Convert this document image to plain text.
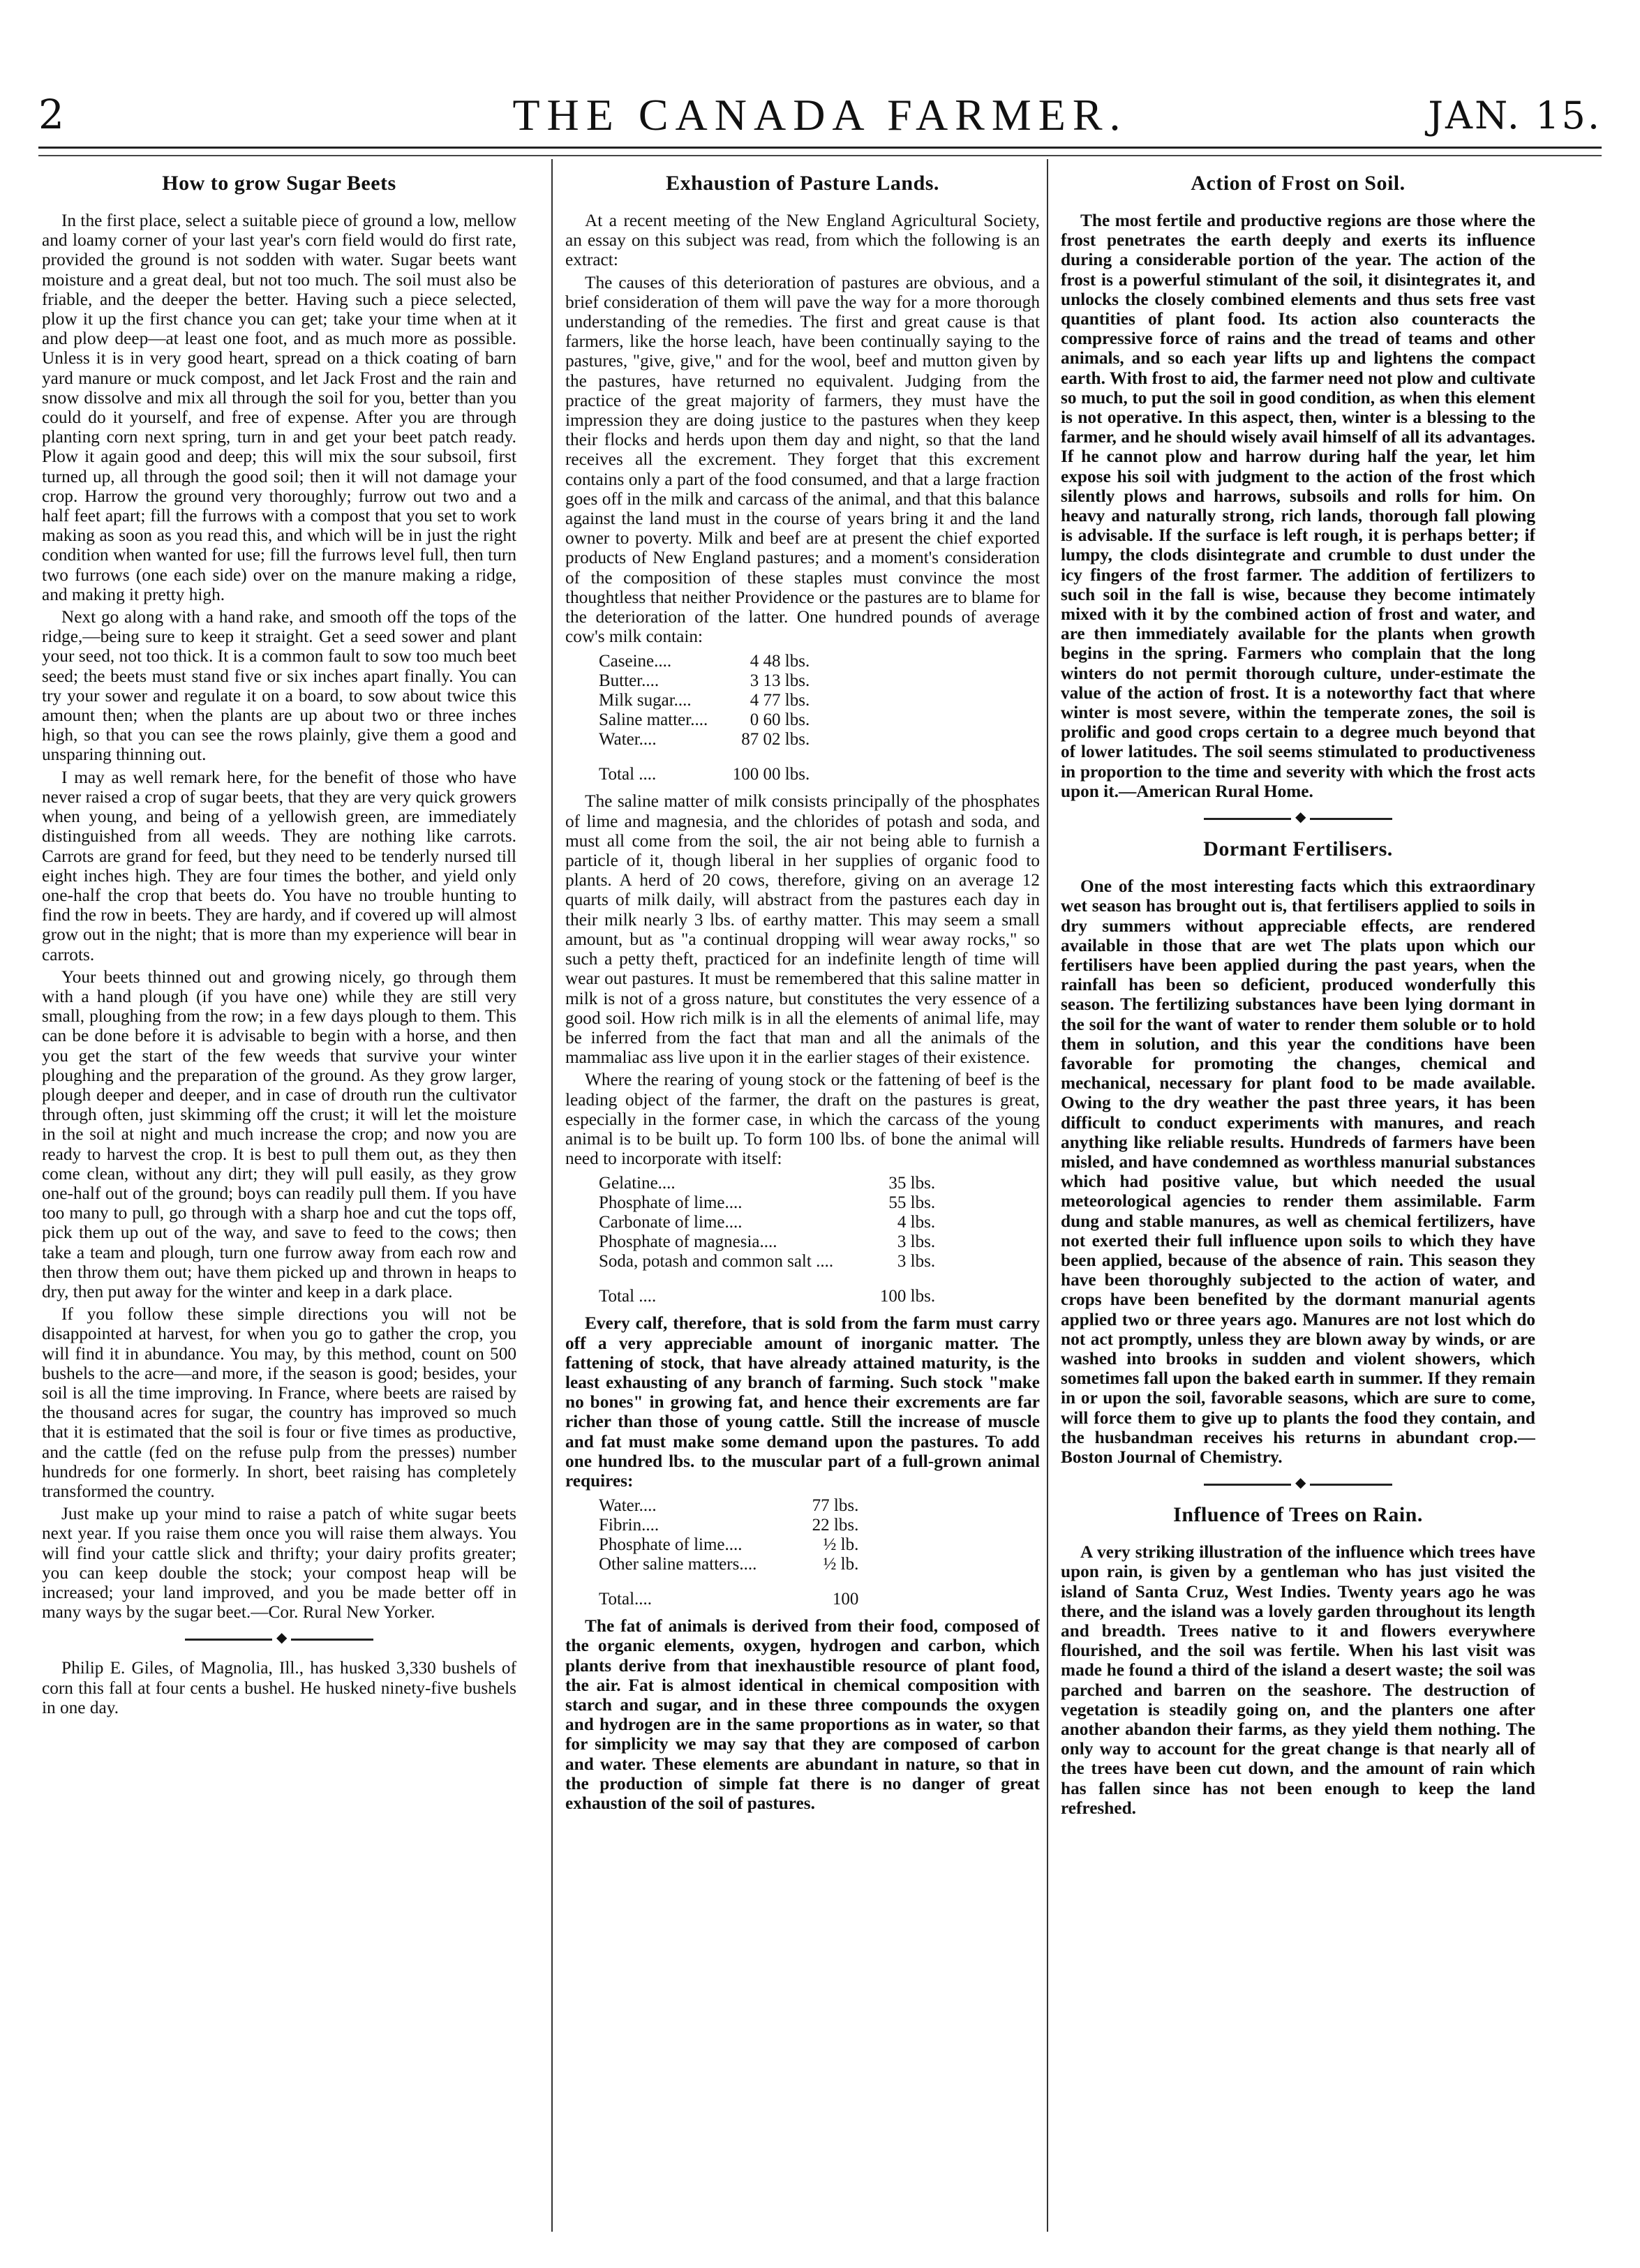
2	THE CANADA FARMER.	JAN. 15.
How to grow Sugar Beets

In the first place, select a suitable piece of ground a low, mellow and loamy corner of your last year's corn field would do first rate, provided the ground is not sodden with water. Sugar beets want moisture and a great deal, but not too much. The soil must also be friable, and the deeper the better. Having such a piece selected, plow it up the first chance you can get; take your time when at it and plow deep—at least one foot, and as much more as possible. Unless it is in very good heart, spread on a thick coating of barn yard manure or muck compost, and let Jack Frost and the rain and snow dissolve and mix all through the soil for you, better than you could do it yourself, and free of expense. After you are through planting corn next spring, turn in and get your beet patch ready. Plow it again good and deep; this will mix the sour subsoil, first turned up, all through the good soil; then it will not damage your crop. Harrow the ground very thoroughly; furrow out two and a half feet apart; fill the furrows with a compost that you set to work making as soon as you read this, and which will be in just the right condition when wanted for use; fill the furrows level full, then turn two furrows (one each side) over on the manure making a ridge, and making it pretty high.

Next go along with a hand rake, and smooth off the tops of the ridge,—being sure to keep it straight. Get a seed sower and plant your seed, not too thick. It is a common fault to sow too much beet seed; the beets must stand five or six inches apart finally. You can try your sower and regulate it on a board, to sow about twice this amount then; when the plants are up about two or three inches high, so that you can see the rows plainly, give them a good and unsparing thinning out.

I may as well remark here, for the benefit of those who have never raised a crop of sugar beets, that they are very quick growers when young, and being of a yellowish green, are immediately distinguished from all weeds. They are nothing like carrots. Carrots are grand for feed, but they need to be tenderly nursed till eight inches high. They are four times the bother, and yield only one-half the crop that beets do. You have no trouble hunting to find the row in beets. They are hardy, and if covered up will almost grow out in the night; that is more than my experience will bear in carrots.

Your beets thinned out and growing nicely, go through them with a hand plough (if you have one) while they are still very small, ploughing from the row; in a few days plough to them. This can be done before it is advisable to begin with a horse, and then you get the start of the few weeds that survive your winter ploughing and the preparation of the ground. As they grow larger, plough deeper and deeper, and in case of drouth run the cultivator through often, just skimming off the crust; it will let the moisture in the soil at night and much increase the crop; and now you are ready to harvest the crop. It is best to pull them out, as they then come clean, without any dirt; they will pull easily, as they grow one-half out of the ground; boys can readily pull them. If you have too many to pull, go through with a sharp hoe and cut the tops off, pick them up out of the way, and save to feed to the cows; then take a team and plough, turn one furrow away from each row and then throw them out; have them picked up and thrown in heaps to dry, then put away for the winter and keep in a dark place.

If you follow these simple directions you will not be disappointed at harvest, for when you go to gather the crop, you will find it in abundance. You may, by this method, count on 500 bushels to the acre—and more, if the season is good; besides, your soil is all the time improving. In France, where beets are raised by the thousand acres for sugar, the country has improved so much that it is estimated that the soil is four or five times as productive, and the cattle (fed on the refuse pulp from the presses) number hundreds for one formerly. In short, beet raising has completely transformed the country.

Just make up your mind to raise a patch of white sugar beets next year. If you raise them once you will raise them always. You will find your cattle slick and thrifty; your dairy profits greater; you can keep double the stock; your compost heap will be increased; your land improved, and you be made better off in many ways by the sugar beet.—Cor. Rural New Yorker.

◆

Philip E. Giles, of Magnolia, Ill., has husked 3,330 bushels of corn this fall at four cents a bushel. He husked ninety-five bushels in one day.

Exhaustion of Pasture Lands.

At a recent meeting of the New England Agricultural Society, an essay on this subject was read, from which the following is an extract:

The causes of this deterioration of pastures are obvious, and a brief consideration of them will pave the way for a more thorough understanding of the remedies. The first and great cause is that farmers, like the horse leach, have been continually saying to the pastures, "give, give," and for the wool, beef and mutton given by the pastures, have returned no equivalent. Judging from the practice of the great majority of farmers, they must have the impression they are doing justice to the pastures when they keep their flocks and herds upon them day and night, so that the land receives all the excrement. They forget that this excrement contains only a part of the food consumed, and that a large fraction goes off in the milk and carcass of the animal, and that this balance against the land must in the course of years bring it and the land owner to poverty. Milk and beef are at present the chief exported products of New England pastures; and a moment's consideration of the composition of these staples must convince the most thoughtless that neither Providence or the pastures are to blame for the deterioration of the latter. One hundred pounds of average cow's milk contain:

Caseine....	4 48 lbs.
Butter....	3 13 lbs.
Milk sugar....	4 77 lbs.
Saline matter....	0 60 lbs.
Water....	87 02 lbs.
Total ....	100 00 lbs.

The saline matter of milk consists principally of the phosphates of lime and magnesia, and the chlorides of potash and soda, and must all come from the soil, the air not being able to furnish a particle of it, though liberal in her supplies of organic food to plants. A herd of 20 cows, therefore, giving on an average 12 quarts of milk daily, will abstract from the pastures each day in their milk nearly 3 lbs. of earthy matter. This may seem a small amount, but as "a continual dropping will wear away rocks," so such a petty theft, practiced for an indefinite length of time will wear out pastures. It must be remembered that this saline matter in milk is not of a gross nature, but constitutes the very essence of a good soil. How rich milk is in all the elements of animal life, may be inferred from the fact that man and all the animals of the mammaliac ass live upon it in the earlier stages of their existence.

Where the rearing of young stock or the fattening of beef is the leading object of the farmer, the draft on the pastures is great, especially in the former case, in which the carcass of the young animal is to be built up. To form 100 lbs. of bone the animal will need to incorporate with itself:

Gelatine....	35 lbs.
Phosphate of lime....	55 lbs.
Carbonate of lime....	4 lbs.
Phosphate of magnesia....	3 lbs.
Soda, potash and common salt ....	3 lbs.
Total ....	100 lbs.

Every calf, therefore, that is sold from the farm must carry off a very appreciable amount of inorganic matter. The fattening of stock, that have already attained maturity, is the least exhausting of any branch of farming. Such stock "make no bones" in growing fat, and hence their excrements are far richer than those of young cattle. Still the increase of muscle and fat must make some demand upon the pastures. To add one hundred lbs. to the muscular part of a full-grown animal requires:

Water....	77 lbs.
Fibrin....	22 lbs.
Phosphate of lime....	½ lb.
Other saline matters....	½ lb.
Total....	100

The fat of animals is derived from their food, composed of the organic elements, oxygen, hydrogen and carbon, which plants derive from that inexhaustible resource of plant food, the air. Fat is almost identical in chemical composition with starch and sugar, and in these three compounds the oxygen and hydrogen are in the same proportions as in water, so that for simplicity we may say that they are composed of carbon and water. These elements are abundant in nature, so that in the production of simple fat there is no danger of great exhaustion of the soil of pastures.

Action of Frost on Soil.

The most fertile and productive regions are those where the frost penetrates the earth deeply and exerts its influence during a considerable portion of the year. The action of the frost is a powerful stimulant of the soil, it disintegrates it, and unlocks the closely combined elements and thus sets free vast quantities of plant food. Its action also counteracts the compressive force of rains and the tread of teams and other animals, and so each year lifts up and lightens the compact earth. With frost to aid, the farmer need not plow and cultivate so much, to put the soil in good condition, as when this element is not operative. In this aspect, then, winter is a blessing to the farmer, and he should wisely avail himself of all its advantages. If he cannot plow and harrow during half the year, let him expose his soil with judgment to the action of the frost which silently plows and harrows, subsoils and rolls for him. On heavy and naturally strong, rich lands, thorough fall plowing is advisable. If the surface is left rough, it is perhaps better; if lumpy, the clods disintegrate and crumble to dust under the icy fingers of the frost farmer. The addition of fertilizers to such soil in the fall is wise, because they become intimately mixed with it by the combined action of frost and water, and are then immediately available for the plants when growth begins in the spring. Farmers who complain that the long winters do not permit thorough culture, under-estimate the value of the action of frost. It is a noteworthy fact that where winter is most severe, within the temperate zones, the soil is prolific and good crops certain to a degree much beyond that of lower latitudes. The soil seems stimulated to productiveness in proportion to the time and severity with which the frost acts upon it.—American Rural Home.

◆
Dormant Fertilisers.

One of the most interesting facts which this extraordinary wet season has brought out is, that fertilisers applied to soils in dry summers without appreciable effects, are rendered available in those that are wet The plats upon which our fertilisers have been applied during the past years, when the rainfall has been so deficient, produced wonderfully this season. The fertilizing substances have been lying dormant in the soil for the want of water to render them soluble or to hold them in solution, and this year the conditions have been favorable for promoting the changes, chemical and mechanical, necessary for plant food to be made available. Owing to the dry weather the past three years, it has been difficult to conduct experiments with manures, and reach anything like reliable results. Hundreds of farmers have been misled, and have condemned as worthless manurial substances which had positive value, but which needed the usual meteorological agencies to render them assimilable. Farm dung and stable manures, as well as chemical fertilizers, have not exerted their full influence upon soils to which they have been applied, because of the absence of rain. This season they have been thoroughly subjected to the action of water, and crops have been benefited by the dormant manurial agents applied two or three years ago. Manures are not lost which do not act promptly, unless they are blown away by winds, or are washed into brooks in sudden and violent showers, which sometimes fall upon the baked earth in summer. If they remain in or upon the soil, favorable seasons, which are sure to come, will force them to give up to plants the food they contain, and the husbandman receives his returns in abundant crop.—Boston Journal of Chemistry.

◆
Influence of Trees on Rain.

A very striking illustration of the influence which trees have upon rain, is given by a gentleman who has just visited the island of Santa Cruz, West Indies. Twenty years ago he was there, and the island was a lovely garden throughout its length and breadth. Trees native to it and flowers everywhere flourished, and the soil was fertile. When his last visit was made he found a third of the island a desert waste; the soil was parched and barren on the seashore. The destruction of vegetation is steadily going on, and the planters one after another abandon their farms, as they yield them nothing. The only way to account for the great change is that nearly all of the trees have been cut down, and the amount of rain which has fallen since has not been enough to keep the land refreshed.
